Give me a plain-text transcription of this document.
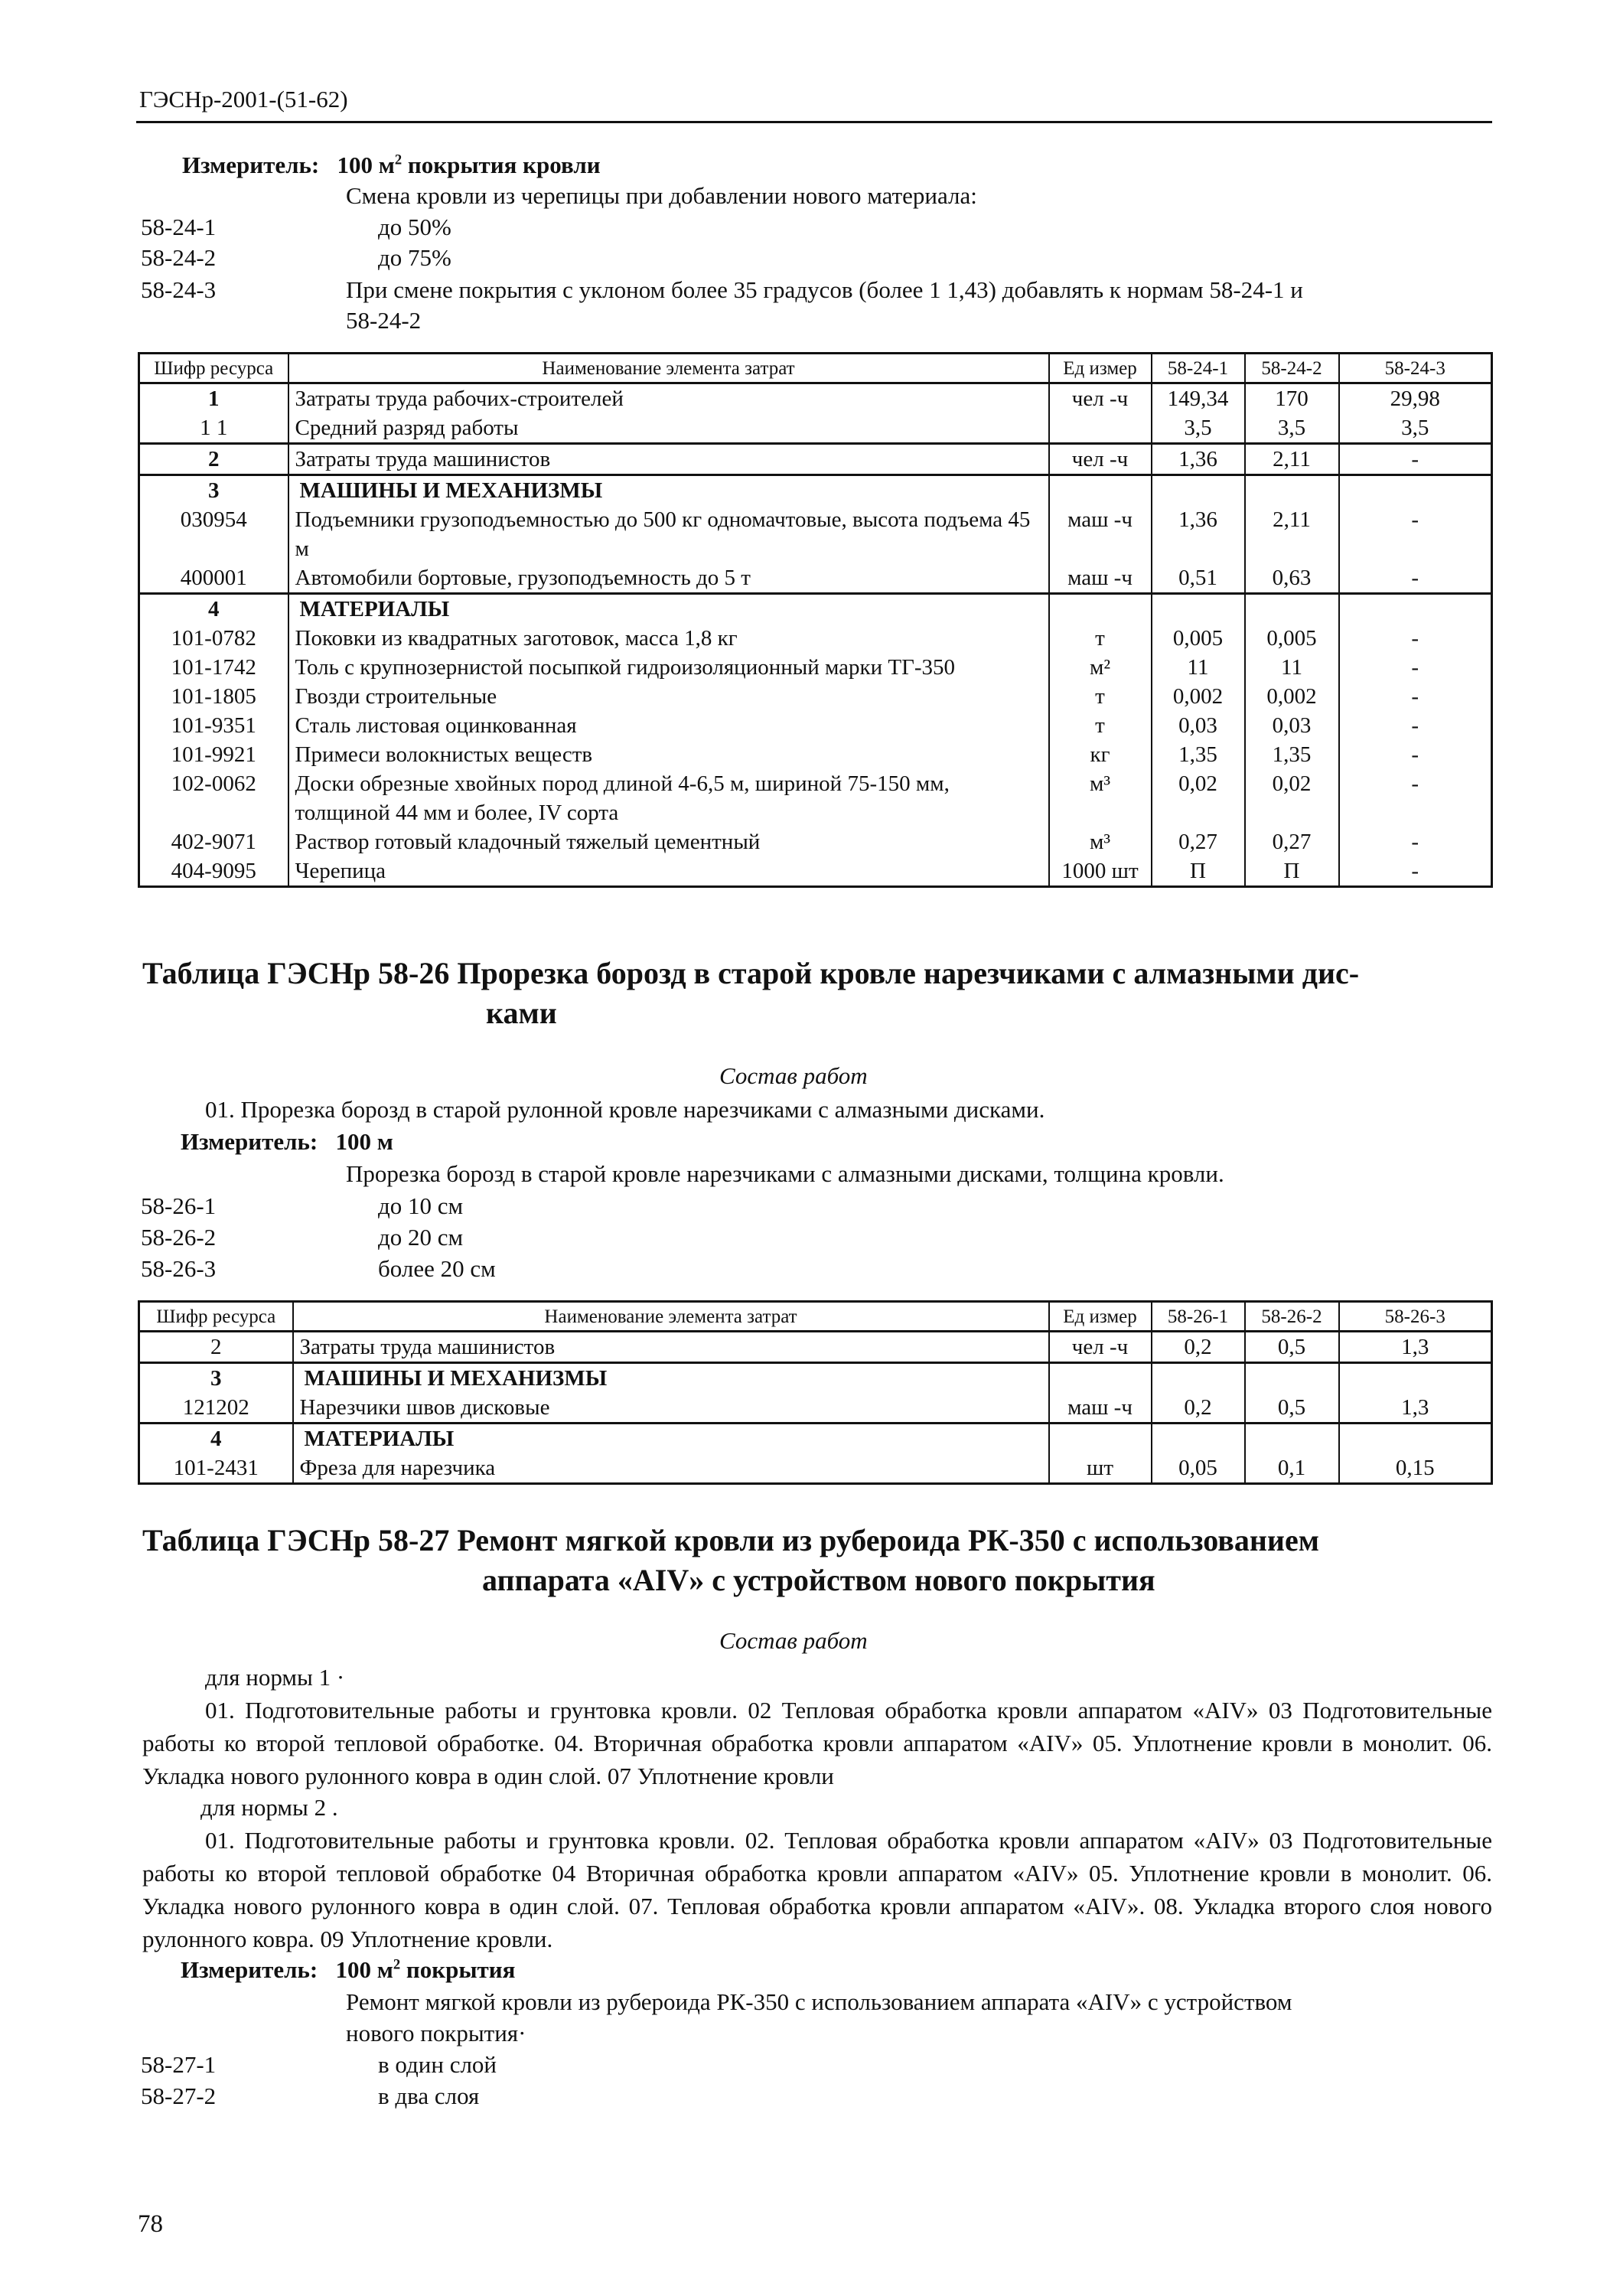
ГЭСНр-2001-(51-62)
Измеритель: 100 $м^2$ покрытия кровли
Смена кровли из черепицы при добавлении нового материала:
58-24-1	до 50%
58-24-2	до 75%
58-24-3	При смене покрытия с уклоном более 35 градусов (более 1 1,43) добавлять к нормам 58-24-1 и
58-24-2
Шифр ресурса	Наименование элемента затрат	Ед измер	58-24-1	58-24-2	58-24-3
1	Затраты труда рабочих-строителей	чел -ч	149,34	170	29,98
1 1	Средний разряд работы		3,5	3,5	3,5
2	Затраты труда машинистов	чел -ч	1,36	2,11	-
3	МАШИНЫ И МЕХАНИЗМЫ				
030954	Подъемники грузоподъемностью до 500 кг одномачтовые, высота подъема 45 м	маш -ч	1,36	2,11	-
400001	Автомобили бортовые, грузоподъемность до 5 т	маш -ч	0,51	0,63	-
4	МАТЕРИАЛЫ				
101-0782	Поковки из квадратных заготовок, масса 1,8 кг	т	0,005	0,005	-
101-1742	Толь с крупнозернистой посыпкой гидроизоляционный марки ТГ-350	м²	11	11	-
101-1805	Гвозди строительные	т	0,002	0,002	-
101-9351	Сталь листовая оцинкованная	т	0,03	0,03	-
101-9921	Примеси волокнистых веществ	кг	1,35	1,35	-
102-0062	Доски обрезные хвойных пород длиной 4-6,5 м, шириной 75-150 мм, толщиной 44 мм и более, IV сорта	м³	0,02	0,02	-
402-9071	Раствор готовый кладочный тяжелый цементный	м³	0,27	0,27	-
404-9095	Черепица	1000 шт	П	П	-
Таблица ГЭСНр 58-26 Прорезка борозд в старой кровле нарезчиками с алмазными дис-
ками
Состав работ
01. Прорезка борозд в старой рулонной кровле нарезчиками с алмазными дисками.
Измеритель: 100 м
Прорезка борозд в старой кровле нарезчиками с алмазными дисками, толщина кровли.
58-26-1	до 10 см
58-26-2	до 20 см
58-26-3	более 20 см
Шифр ресурса	Наименование элемента затрат	Ед измер	58-26-1	58-26-2	58-26-3
2	Затраты труда машинистов	чел -ч	0,2	0,5	1,3
3	МАШИНЫ И МЕХАНИЗМЫ				
121202	Нарезчики швов дисковые	маш -ч	0,2	0,5	1,3
4	МАТЕРИАЛЫ				
101-2431	Фреза для нарезчика	шт	0,05	0,1	0,15
Таблица ГЭСНр 58-27 Ремонт мягкой кровли из рубероида РК-350 с использованием
аппарата «AIV» с устройством нового покрытия
Состав работ
для нормы 1 ·
01. Подготовительные работы и грунтовка кровли. 02 Тепловая обработка кровли аппаратом «AIV» 03 Подготовительные работы ко второй тепловой обработке. 04. Вторичная обработка кровли аппаратом «AIV» 05. Уплотнение кровли в монолит. 06. Укладка нового рулонного ковра в один слой. 07 Уплотнение кровли
для нормы 2 .
01. Подготовительные работы и грунтовка кровли. 02. Тепловая обработка кровли аппаратом «AIV» 03 Подготовительные работы ко второй тепловой обработке 04 Вторичная обработка кровли аппаратом «AIV» 05. Уплотнение кровли в монолит. 06. Укладка нового рулонного ковра в один слой. 07. Тепловая обработка кровли аппаратом «AIV». 08. Укладка второго слоя нового рулонного ковра. 09 Уплотнение кровли.
Измеритель: 100 $м^2$ покрытия
Ремонт мягкой кровли из рубероида РК-350 с использованием аппарата «AIV» с устройством
нового покрытия·
58-27-1	в один слой
58-27-2	в два слоя
78
